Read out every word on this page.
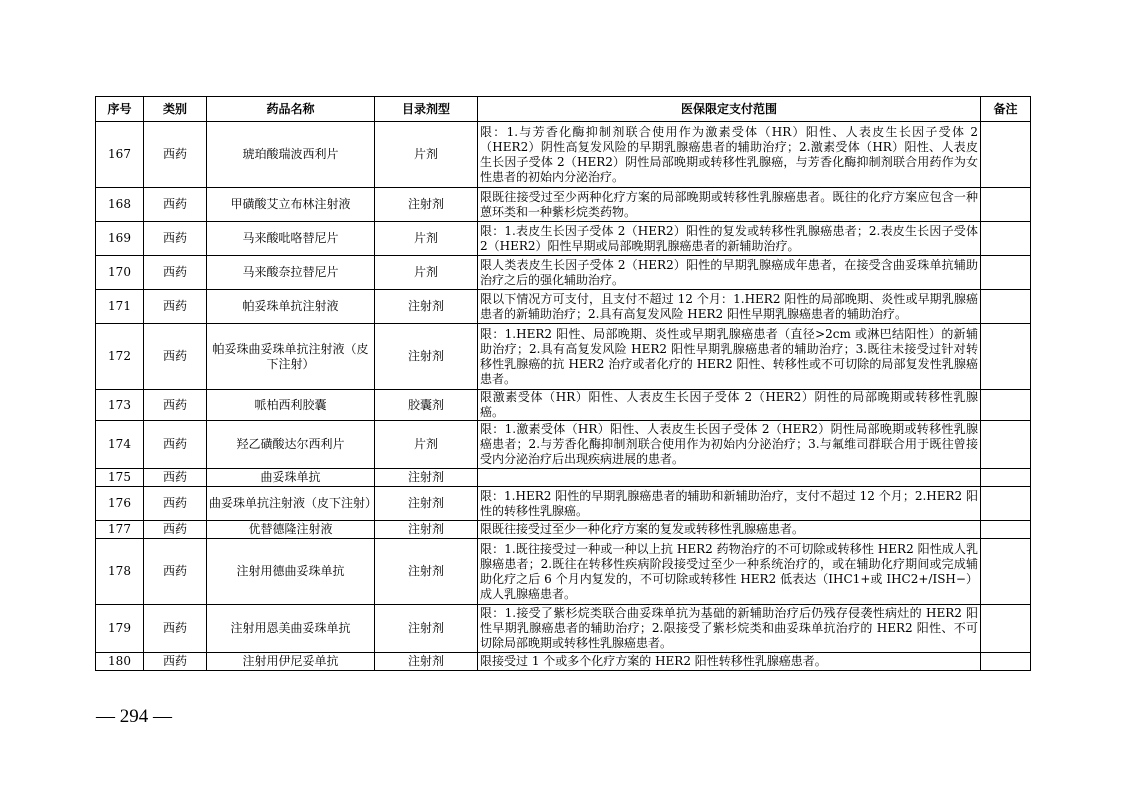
序号	类别	药品名称	目录剂型	医保限定支付范围	备注
167	西药	琥珀酸瑞波西利片	片剂	限：1.与芳香化酶抑制剂联合使用作为激素受体（HR）阳性、人表皮生长因子受体 2（HER2）阴性高复发风险的早期乳腺癌患者的辅助治疗；2.激素受体（HR）阳性、人表皮生长因子受体 2（HER2）阴性局部晚期或转移性乳腺癌，与芳香化酶抑制剂联合用药作为女性患者的初始内分泌治疗。	

168	西药	甲磺酸艾立布林注射液	注射剂	限既往接受过至少两种化疗方案的局部晚期或转移性乳腺癌患者。既往的化疗方案应包含一种蒽环类和一种紫杉烷类药物。	

169	西药	马来酸吡咯替尼片	片剂	限：1.表皮生长因子受体 2（HER2）阳性的复发或转移性乳腺癌患者；2.表皮生长因子受体 2（HER2）阳性早期或局部晚期乳腺癌患者的新辅助治疗。	

170	西药	马来酸奈拉替尼片	片剂	限人类表皮生长因子受体 2（HER2）阳性的早期乳腺癌成年患者，在接受含曲妥珠单抗辅助治疗之后的强化辅助治疗。	

171	西药	帕妥珠单抗注射液	注射剂	限以下情况方可支付，且支付不超过 12 个月：1.HER2 阳性的局部晚期、炎性或早期乳腺癌患者的新辅助治疗；2.具有高复发风险 HER2 阳性早期乳腺癌患者的辅助治疗。	

172	西药	帕妥珠曲妥珠单抗注射液（皮下注射）	注射剂	限：1.HER2 阳性、局部晚期、炎性或早期乳腺癌患者（直径>2cm 或淋巴结阳性）的新辅助治疗；2.具有高复发风险 HER2 阳性早期乳腺癌患者的辅助治疗；3.既往未接受过针对转移性乳腺癌的抗 HER2 治疗或者化疗的 HER2 阳性、转移性或不可切除的局部复发性乳腺癌患者。	

173	西药	哌柏西利胶囊	胶囊剂	限激素受体（HR）阳性、人表皮生长因子受体 2（HER2）阴性的局部晚期或转移性乳腺癌。	

174	西药	羟乙磺酸达尔西利片	片剂	限：1.激素受体（HR）阳性、人表皮生长因子受体 2（HER2）阴性局部晚期或转移性乳腺癌患者；2.与芳香化酶抑制剂联合使用作为初始内分泌治疗；3.与氟维司群联合用于既往曾接受内分泌治疗后出现疾病进展的患者。	

175	西药	曲妥珠单抗	注射剂	

176	西药	曲妥珠单抗注射液（皮下注射）	注射剂	限：1.HER2 阳性的早期乳腺癌患者的辅助和新辅助治疗，支付不超过 12 个月；2.HER2 阳性的转移性乳腺癌。	

177	西药	优替德隆注射液	注射剂	限既往接受过至少一种化疗方案的复发或转移性乳腺癌患者。	

178	西药	注射用德曲妥珠单抗	注射剂	限：1.既往接受过一种或一种以上抗 HER2 药物治疗的不可切除或转移性 HER2 阳性成人乳腺癌患者；2.既往在转移性疾病阶段接受过至少一种系统治疗的，或在辅助化疗期间或完成辅助化疗之后 6 个月内复发的，不可切除或转移性 HER2 低表达（IHC1+或 IHC2+/ISH−）成人乳腺癌患者。	

179	西药	注射用恩美曲妥珠单抗	注射剂	限：1.接受了紫杉烷类联合曲妥珠单抗为基础的新辅助治疗后仍残存侵袭性病灶的 HER2 阳性早期乳腺癌患者的辅助治疗；2.限接受了紫杉烷类和曲妥珠单抗治疗的 HER2 阳性、不可切除局部晚期或转移性乳腺癌患者。	

180	西药	注射用伊尼妥单抗	注射剂	限接受过 1 个或多个化疗方案的 HER2 阳性转移性乳腺癌患者。	

— 294 —
